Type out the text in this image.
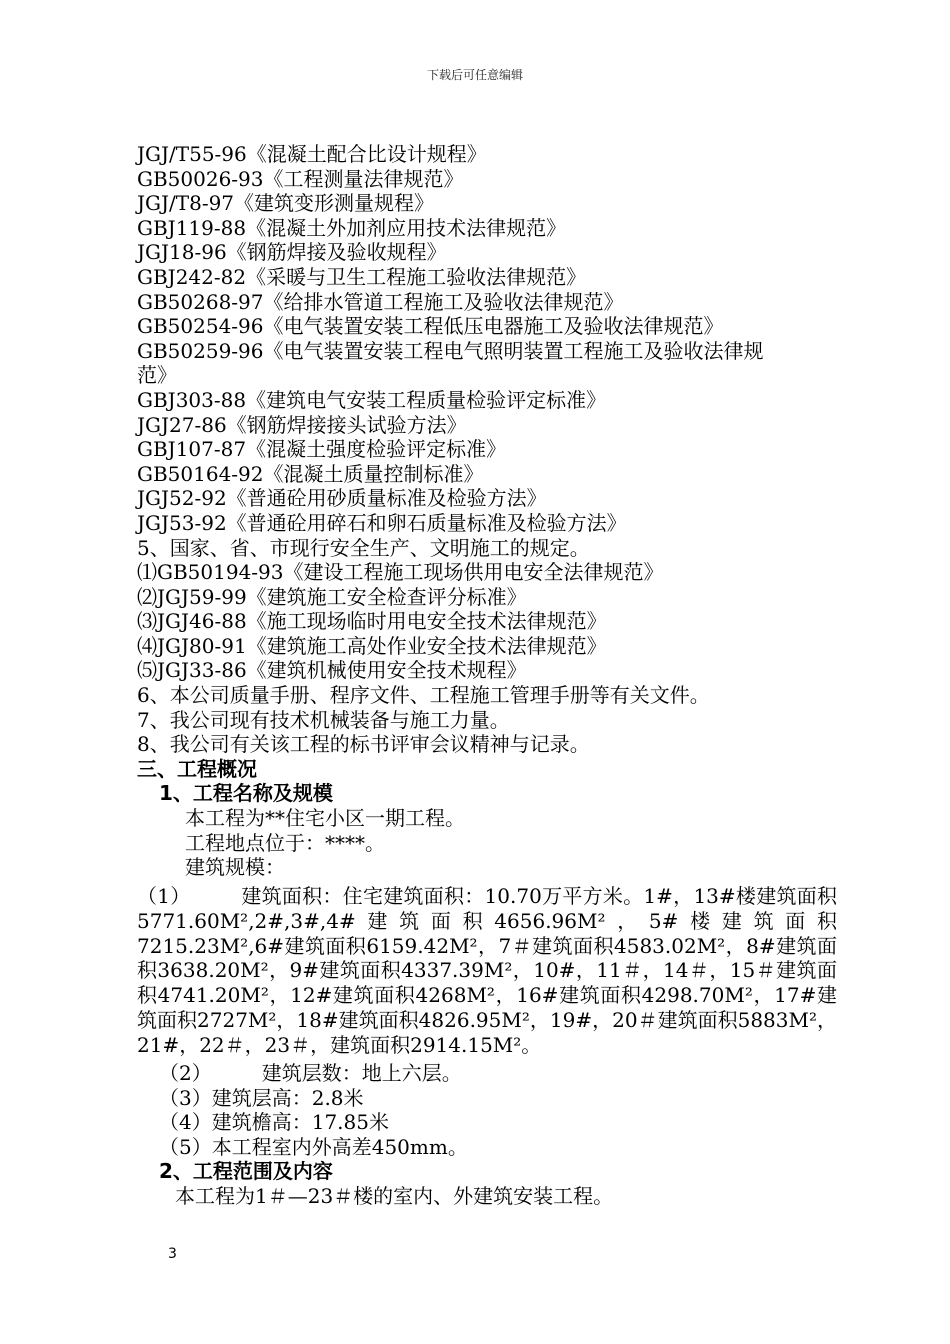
下载后可任意编辑
JGJ/T55-96《混凝土配合比设计规程》
GB50026-93《工程测量法律规范》
JGJ/T8-97《建筑变形测量规程》
GBJ119-88《混凝土外加剂应用技术法律规范》
JGJ18-96《钢筋焊接及验收规程》
GBJ242-82《采暖与卫生工程施工验收法律规范》
GB50268-97《给排水管道工程施工及验收法律规范》
GB50254-96《电气装置安装工程低压电器施工及验收法律规范》
GB50259-96《电气装置安装工程电气照明装置工程施工及验收法律规
范》
GBJ303-88《建筑电气安装工程质量检验评定标准》
JGJ27-86《钢筋焊接接头试验方法》
GBJ107-87《混凝土强度检验评定标准》
GB50164-92《混凝土质量控制标准》
JGJ52-92《普通砼用砂质量标准及检验方法》
JGJ53-92《普通砼用碎石和卵石质量标准及检验方法》
5、国家、省、市现行安全生产、文明施工的规定。
⑴GB50194-93《建设工程施工现场供用电安全法律规范》
⑵JGJ59-99《建筑施工安全检查评分标准》
⑶JGJ46-88《施工现场临时用电安全技术法律规范》
⑷JGJ80-91《建筑施工高处作业安全技术法律规范》
⑸JGJ33-86《建筑机械使用安全技术规程》
6、本公司质量手册、程序文件、工程施工管理手册等有关文件。
7、我公司现有技术机械装备与施工力量。
8、我公司有关该工程的标书评审会议精神与记录。
三、工程概况
1、工程名称及规模
本工程为**住宅小区一期工程。
工程地点位于：****。
建筑规模：
（1）　　　建筑面积：住宅建筑面积：10.70万平方米。1#，13#楼建筑面积5771.60M²,2#,3#,4#建筑面积4656.96M²，5#楼建筑面积7215.23M²,6#建筑面积6159.42M²，7＃建筑面积4583.02M²，8#建筑面积3638.20M²，9#建筑面积4337.39M²，10#，11＃，14＃，15＃建筑面积4741.20M²，12#建筑面积4268M²，16#建筑面积4298.70M²，17#建筑面积2727M²，18#建筑面积4826.95M²，19#，20＃建筑面积5883M²，21#，22＃，23＃，建筑面积2914.15M²。
（2）　　　建筑层数：地上六层。
（3）建筑层高：2.8米
（4）建筑檐高：17.85米
（5）本工程室内外高差450mm。
2、工程范围及内容
本工程为1＃—23＃楼的室内、外建筑安装工程。
3
